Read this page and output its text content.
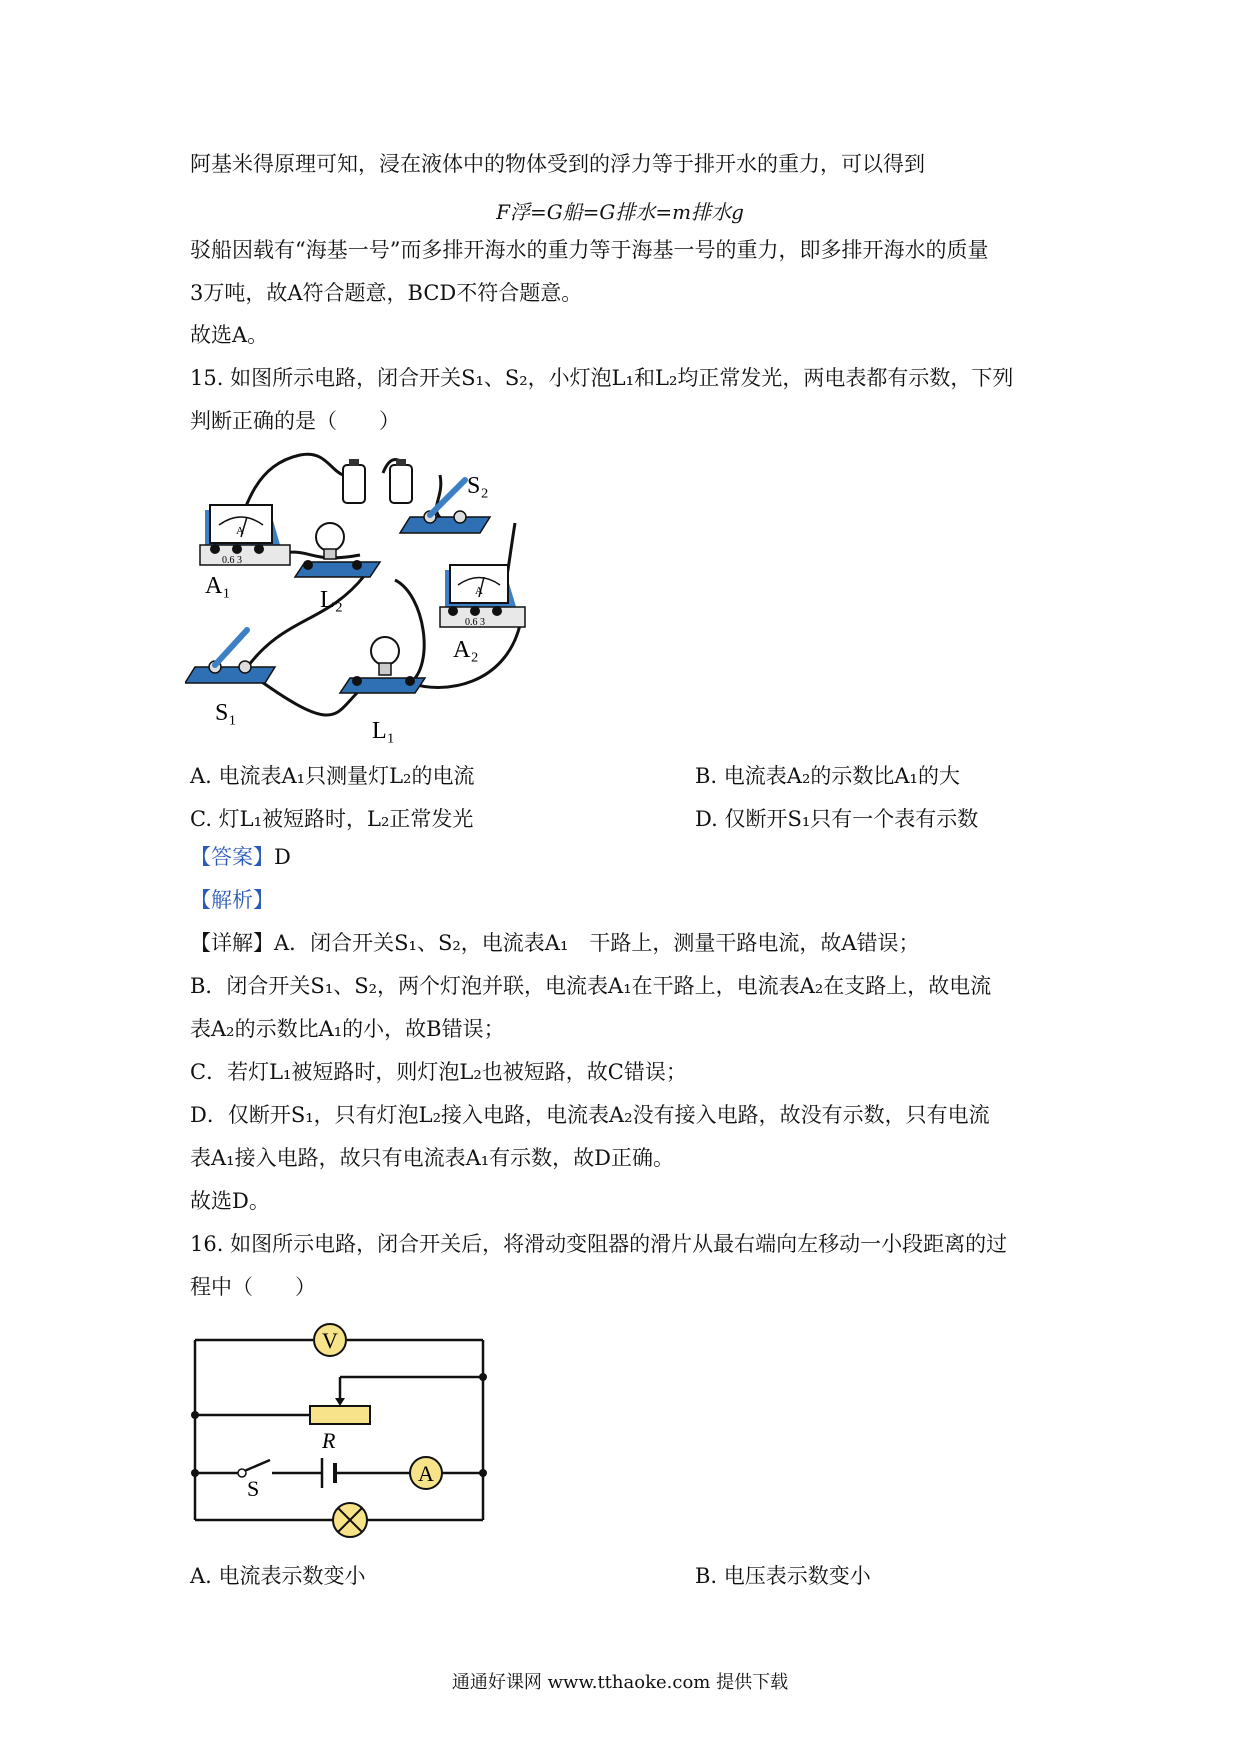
阿基米得原理可知，浸在液体中的物体受到的浮力等于排开水的重力，可以得到
F浮=G船=G排水=m排水g
驳船因载有“海基一号”而多排开海水的重力等于海基一号的重力，即多排开海水的质量
3万吨，故A符合题意，BCD不符合题意。
故选A。
15. 如图所示电路，闭合开关S₁、S₂，小灯泡L₁和L₂均正常发光，两电表都有示数，下列
判断正确的是（　　）
A
0.6 3
A₁
S₂
L₂	A
0.6 3
A₂
S₁
L₁
A. 电流表A₁只测量灯L₂的电流	B. 电流表A₂的示数比A₁的大
C. 灯L₁被短路时，L₂正常发光	D. 仅断开S₁只有一个表有示数
【答案】D
【解析】
【详解】A．闭合开关S₁、S₂，电流表A₁　干路上，测量干路电流，故A错误；
B．闭合开关S₁、S₂，两个灯泡并联，电流表A₁在干路上，电流表A₂在支路上，故电流
表A₂的示数比A₁的小，故B错误；
C．若灯L₁被短路时，则灯泡L₂也被短路，故C错误；
D．仅断开S₁，只有灯泡L₂接入电路，电流表A₂没有接入电路，故没有示数，只有电流
表A₁接入电路，故只有电流表A₁有示数，故D正确。
故选D。
16. 如图所示电路，闭合开关后，将滑动变阻器的滑片从最右端向左移动一小段距离的过
程中（　　）
V
A
R
S
A. 电流表示数变小	B. 电压表示数变小
通通好课网 www.tthaoke.com 提供下载
